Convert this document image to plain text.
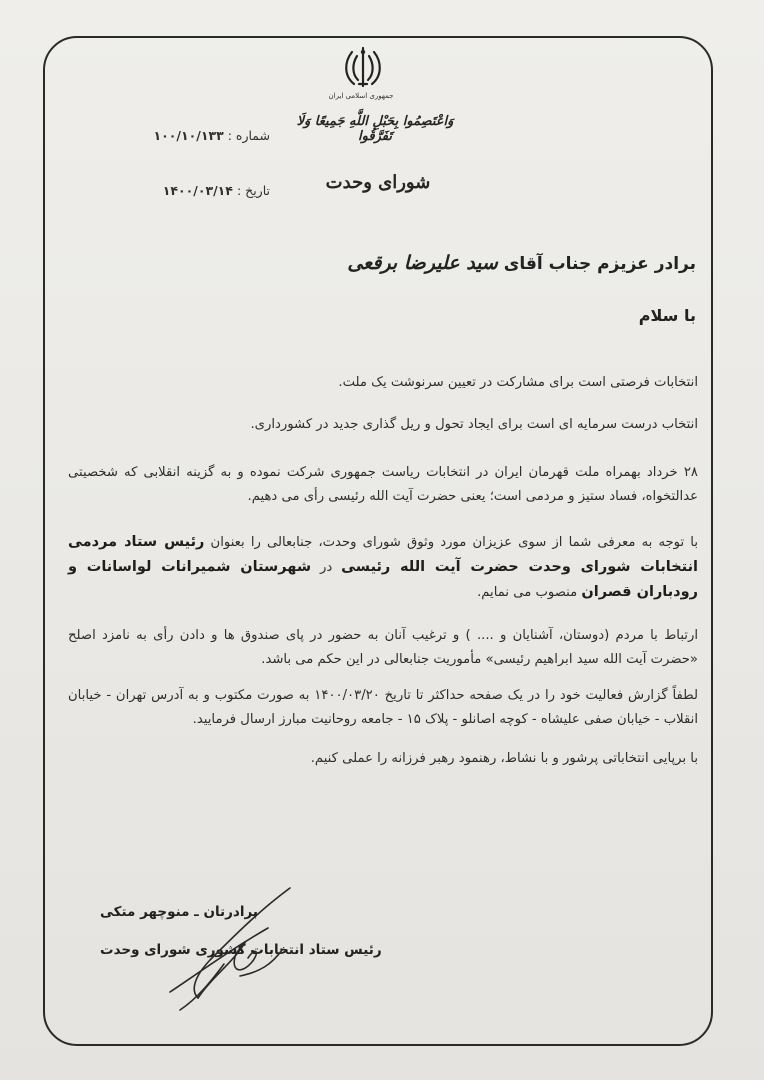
جمهوری اسلامی ایران
وَاعْتَصِمُوا بِحَبْلِ اللَّهِ جَمِيعًا وَلَا تَفَرَّقُوا
شورای وحدت
شماره :۱۰۰/۱۰/۱۳۳
تاریخ :۱۴۰۰/۰۳/۱۴
برادر عزیزم جناب آقای سید علیرضا برقعی
با سلام
انتخابات فرصتی است برای مشارکت در تعیین سرنوشت یک ملت.
انتخاب درست سرمایه ای است برای ایجاد تحول و ریل گذاری جدید در کشورداری.
۲۸ خرداد بهمراه ملت قهرمان ایران در انتخابات ریاست جمهوری شرکت نموده و به گزینه انقلابی که شخصیتی عدالتخواه، فساد ستیز و مردمی است؛ یعنی حضرت آیت الله رئیسی رأی می دهیم.
با توجه به معرفی شما از سوی عزیزان مورد وثوق شورای وحدت، جنابعالی را بعنوان رئیس ستاد مردمی انتخابات شورای وحدت حضرت آیت الله رئیسی در شهرستان شمیرانات لواسانات و رودباران قصران منصوب می نمایم.
ارتباط با مردم (دوستان، آشنایان و .... ) و ترغیب آنان به حضور در پای صندوق ها و دادن رأی به نامزد اصلح «حضرت آیت الله سید ابراهیم رئیسی» مأموریت جنابعالی در این حکم می باشد.
لطفاً گزارش فعالیت خود را در یک صفحه حداکثر تا تاریخ ۱۴۰۰/۰۳/۲۰ به صورت مکتوب و به آدرس تهران - خیابان انقلاب - خیابان صفی علیشاه - کوچه اصانلو - پلاک ۱۵ - جامعه روحانیت مبارز ارسال فرمایید.
با برپایی انتخاباتی پرشور و با نشاط، رهنمود رهبر فرزانه را عملی کنیم.
برادرتان ـ منوچهر متکی
رئیس ستاد انتخابات کشوری شورای وحدت
